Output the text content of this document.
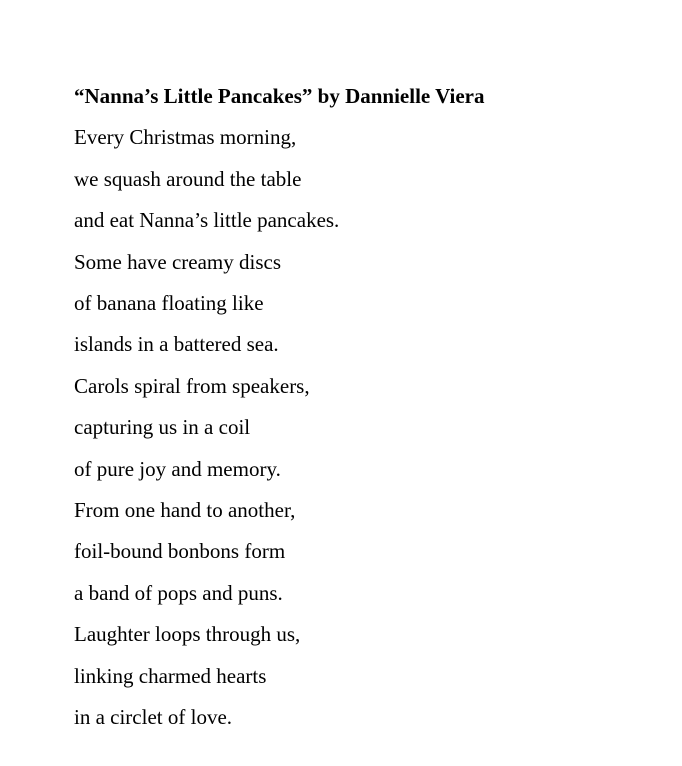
“Nanna’s Little Pancakes” by Dannielle Viera
Every Christmas morning,
we squash around the table
and eat Nanna’s little pancakes.
Some have creamy discs
of banana floating like
islands in a battered sea.
Carols spiral from speakers,
capturing us in a coil
of pure joy and memory.
From one hand to another,
foil-bound bonbons form
a band of pops and puns.
Laughter loops through us,
linking charmed hearts
in a circlet of love.
